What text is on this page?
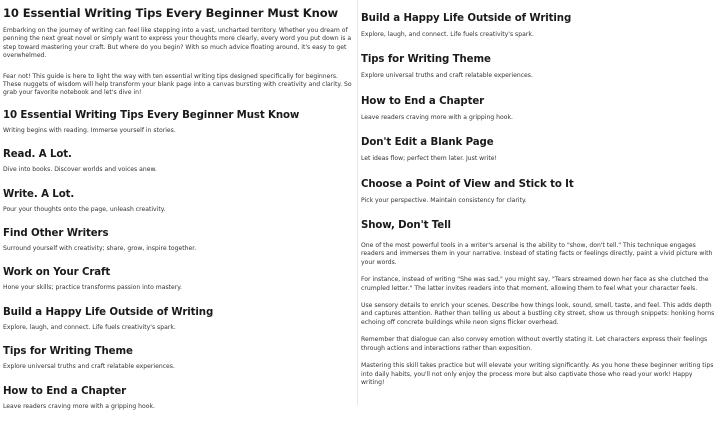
10 Essential Writing Tips Every Beginner Must Know

Embarking on the journey of writing can feel like stepping into a vast, uncharted territory. Whether you dream of penning the next great novel or simply want to express your thoughts more clearly, every word you put down is a step toward mastering your craft. But where do you begin? With so much advice floating around, it's easy to get overwhelmed.

Fear not! This guide is here to light the way with ten essential writing tips designed specifically for beginners. These nuggets of wisdom will help transform your blank page into a canvas bursting with creativity and clarity. So grab your favorite notebook and let's dive in!

10 Essential Writing Tips Every Beginner Must Know

Writing begins with reading. Immerse yourself in stories.

Read. A Lot.

Dive into books. Discover worlds and voices anew.

Write. A Lot.

Pour your thoughts onto the page, unleash creativity.

Find Other Writers

Surround yourself with creativity; share, grow, inspire together.

Work on Your Craft

Hone your skills; practice transforms passion into mastery.

Build a Happy Life Outside of Writing

Explore, laugh, and connect. Life fuels creativity's spark.

Tips for Writing Theme

Explore universal truths and craft relatable experiences.

How to End a Chapter

Leave readers craving more with a gripping hook.

Build a Happy Life Outside of Writing

Explore, laugh, and connect. Life fuels creativity's spark.

Tips for Writing Theme

Explore universal truths and craft relatable experiences.

How to End a Chapter

Leave readers craving more with a gripping hook.

Don't Edit a Blank Page

Let ideas flow; perfect them later. Just write!

Choose a Point of View and Stick to It

Pick your perspective. Maintain consistency for clarity.

Show, Don't Tell

One of the most powerful tools in a writer's arsenal is the ability to "show, don't tell." This technique engages readers and immerses them in your narrative. Instead of stating facts or feelings directly, paint a vivid picture with your words.

For instance, instead of writing "She was sad," you might say, "Tears streamed down her face as she clutched the crumpled letter." The latter invites readers into that moment, allowing them to feel what your character feels.

Use sensory details to enrich your scenes. Describe how things look, sound, smell, taste, and feel. This adds depth and captures attention. Rather than telling us about a bustling city street, show us through snippets: honking horns echoing off concrete buildings while neon signs flicker overhead.

Remember that dialogue can also convey emotion without overtly stating it. Let characters express their feelings through actions and interactions rather than exposition.

Mastering this skill takes practice but will elevate your writing significantly. As you hone these beginner writing tips into daily habits, you'll not only enjoy the process more but also captivate those who read your work! Happy writing!
